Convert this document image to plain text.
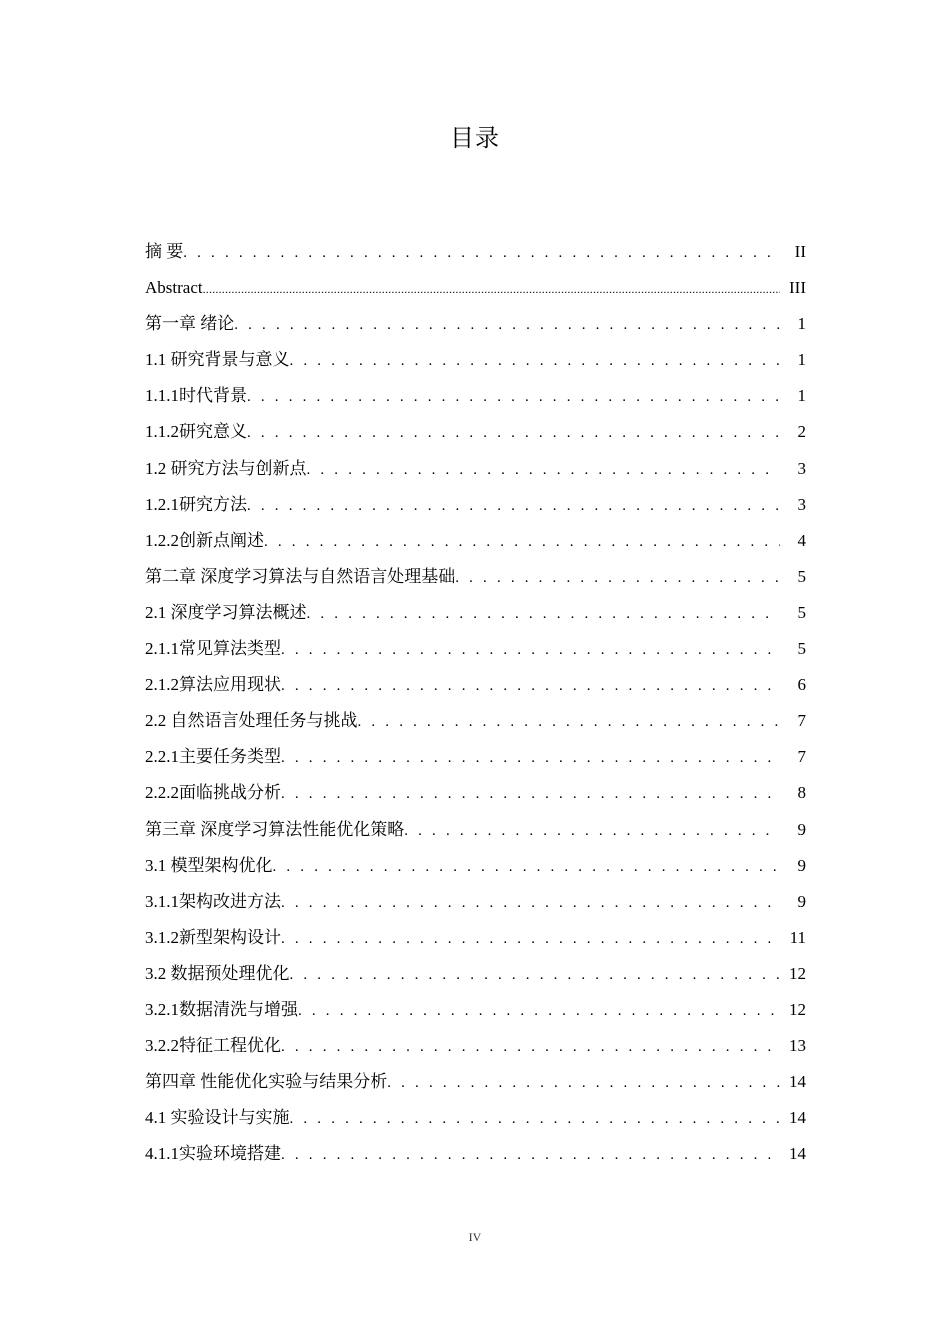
目录
摘 要 . . .	II
Abstract .....	III
第一章 绪论 . . .	1
1.1 研究背景与意义 . . .	1
1.1.1 时代背景 . . .	1
1.1.2 研究意义 . . .	2
1.2 研究方法与创新点 . . .	3
1.2.1 研究方法 . . .	3
1.2.2 创新点阐述 . . .	4
第二章 深度学习算法与自然语言处理基础 . . .	5
2.1 深度学习算法概述 . . .	5
2.1.1 常见算法类型 . . .	5
2.1.2 算法应用现状 . . .	6
2.2 自然语言处理任务与挑战 . . .	7
2.2.1 主要任务类型 . . .	7
2.2.2 面临挑战分析 . . .	8
第三章 深度学习算法性能优化策略 . . .	9
3.1 模型架构优化 . . .	9
3.1.1 架构改进方法 . . .	9
3.1.2 新型架构设计 . . .	11
3.2 数据预处理优化 . . .	12
3.2.1 数据清洗与增强 . . .	12
3.2.2 特征工程优化 . . .	13
第四章 性能优化实验与结果分析 . . .	14
4.1 实验设计与实施 . . .	14
4.1.1 实验环境搭建 . . .	14
IV
